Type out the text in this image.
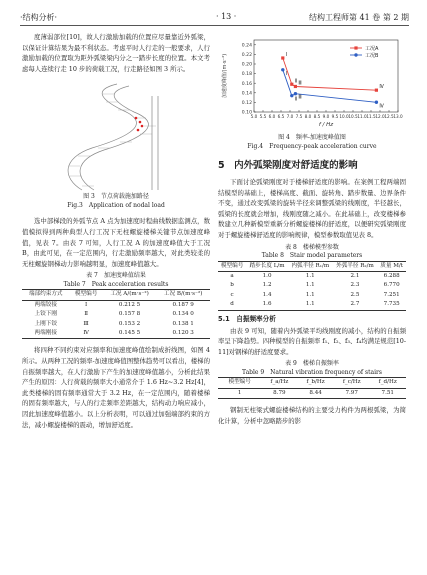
·结构分析·	· 13 ·	结构工程师第 41 卷 第 2 期

度薄弱部位[10]，故人行激励加载的位置应尽量靠近外弧梁，以保证计算结果为最不利状态。考虑平时人行走的一般要求，人行激励加载的位置取为距外弧梁梁内分之一踏步长度的位置。本文考虑每人连续行走 10 步的荷载工况，行走路径如图 3 所示。

图 3　节点荷载施加路径
Fig.3　Application of nodal load

选中部梯段的外弧节点 A 点为加速度时程曲线数据监测点，数值模拟得到两种典型人行工况下无柱螺旋楼梯关键节点加速度峰值，见表 7。由表 7 可知，人行工况 A 的加速度峰值大于工况 B，由此可见，在一定范围内，行走激励频率越大，对此类较柔的无柱螺旋钢梯动力影响越明显，加速度峰值越大。

表 7　加速度峰值结果
Table 7　Peak acceleration results
端部约束方式	模型编号	工况 A/(m·s⁻²)	工况 B/(m·s⁻²)
两端铰接	Ⅰ	0.212 5	0.187 9
上铰下刚	Ⅱ	0.157 8	0.134 0
上刚下铰	Ⅲ	0.153 2	0.138 1
两端刚接	Ⅳ	0.145 5	0.120 3

将四种不同约束对应频率和加速度峰值绘制成折线图，如图 4 所示。从两种工况的频率-加速度峰值图整体趋势可以看出，楼梯的自振频率越大，在人行激励下产生的加速度峰值越小，分析此结果产生的原因：人行荷载的频率大小通常介于 1.6 Hz~3.2 Hz[4]，此类楼梯的固有频率通常大于 3.2 Hz，在一定范围内，随着楼梯的固有频率越大，与人的行走频率差距越大，结构动力响应减小，因此加速度峰值越小。以上分析表明，可以通过加强端部约束的方法，减小螺旋楼梯的震动，增加舒适度。

0.10
0.12
0.14
0.16
0.18
0.20
0.22
0.24
5.0 5.5 6.0 6.5 7.0 7.5 8.0 8.5 9.0 9.5 10.0 10.5 11.0 11.5 12.0 12.5 13.0
f / Hz
加速度峰值/(m·s⁻²)	Ⅰ
Ⅱ Ⅲ
Ⅳ
工况A
Ⅰ
Ⅱ Ⅲ
Ⅳ
工况B
图 4　频率-加速度峰值图
Fig.4　Frequency-peak acceleration curve
5　内外弧梁刚度对舒适度的影响

下面讨论弧梁刚度对于楼梯舒适度的影响。在案例工程两端固结模型的基础上，楼梯高度、截面、旋转角、踏步数量、边界条件不变，通过改变弧梁的旋转半径来调整弧梁的线刚度，半径越长，弧梁的长度就会增加，线刚度随之减小。在此基础上，改变楼梯参数建立几种新模型重新分析螺旋楼梯的舒适度，以便研究弧梁刚度对于螺旋楼梯舒适度的影响规律，模型参数取值见表 8。

表 8　楼梯模型参数
Table 8　Stair model parameters
模型编号	踏步长度 L/m	内弧半径 R₁/m	外弧半径 R₂/m	质量 M/t
a	1.0	1.1	2.1	6.288
b	1.2	1.1	2.3	6.770
c	1.4	1.1	2.5	7.251
d	1.6	1.1	2.7	7.735
5.1　自振频率分析

由表 9 可知，随着内外弧梁平均线刚度的减小，结构的自振频率呈下降趋势。四种模型的自振频率 f₁、f₂、f₃、f₄均满足规范[10-11]对钢梯的舒适度要求。

表 9　楼梯自振频率
Table 9　Natural vibration frequency of stairs
模型编号	f_a/Hz	f_b/Hz	f_c/Hz	f_d/Hz
1	8.79	8.44	7.97	7.51

钢制无柱梁式螺旋楼梯结构的主要受力构件为两根弧梁，为简化计算，分析中忽略踏步的影
